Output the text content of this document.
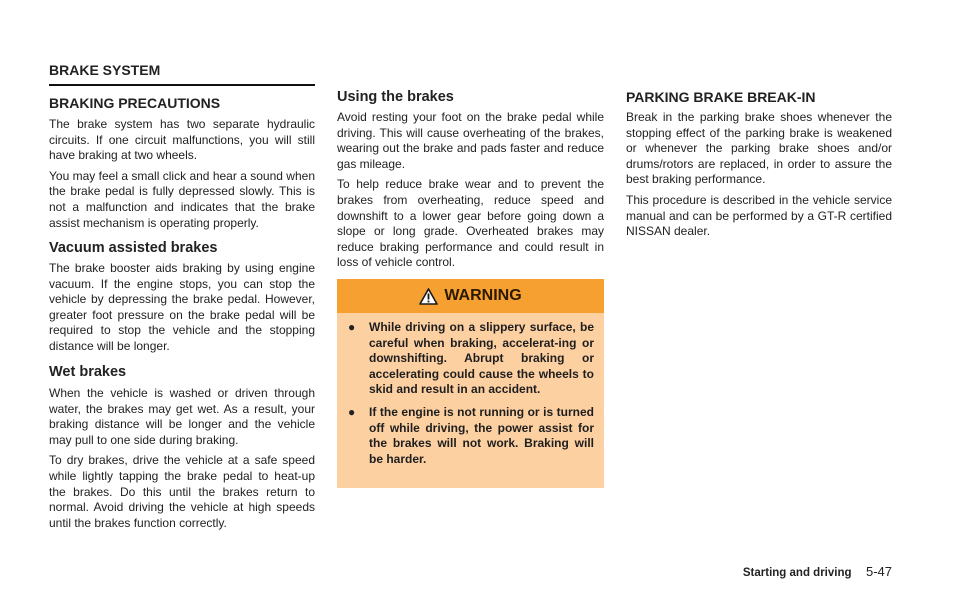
BRAKE SYSTEM
BRAKING PRECAUTIONS

The brake system has two separate hydraulic circuits. If one circuit malfunctions, you will still have braking at two wheels.

You may feel a small click and hear a sound when the brake pedal is fully depressed slowly. This is not a malfunction and indicates that the brake assist mechanism is operating properly.

Vacuum assisted brakes

The brake booster aids braking by using engine vacuum. If the engine stops, you can stop the vehicle by depressing the brake pedal. However, greater foot pressure on the brake pedal will be required to stop the vehicle and the stopping distance will be longer.

Wet brakes

When the vehicle is washed or driven through water, the brakes may get wet. As a result, your braking distance will be longer and the vehicle may pull to one side during braking.

To dry brakes, drive the vehicle at a safe speed while lightly tapping the brake pedal to heat-up the brakes. Do this until the brakes return to normal. Avoid driving the vehicle at high speeds until the brakes function correctly.

Using the brakes

Avoid resting your foot on the brake pedal while driving. This will cause overheating of the brakes, wearing out the brake and pads faster and reduce gas mileage.

To help reduce brake wear and to prevent the brakes from overheating, reduce speed and downshift to a lower gear before going down a slope or long grade. Overheated brakes may reduce braking performance and could result in loss of vehicle control.

WARNING
● While driving on a slippery surface, be careful when braking, accelerat-ing or downshifting. Abrupt braking or accelerating could cause the wheels to skid and result in an accident.
● If the engine is not running or is turned off while driving, the power assist for the brakes will not work. Braking will be harder.
PARKING BRAKE BREAK-IN

Break in the parking brake shoes whenever the stopping effect of the parking brake is weakened or whenever the parking brake shoes and/or drums/rotors are replaced, in order to assure the best braking performance.

This procedure is described in the vehicle service manual and can be performed by a GT-R certified NISSAN dealer.

Starting and driving 5-47
